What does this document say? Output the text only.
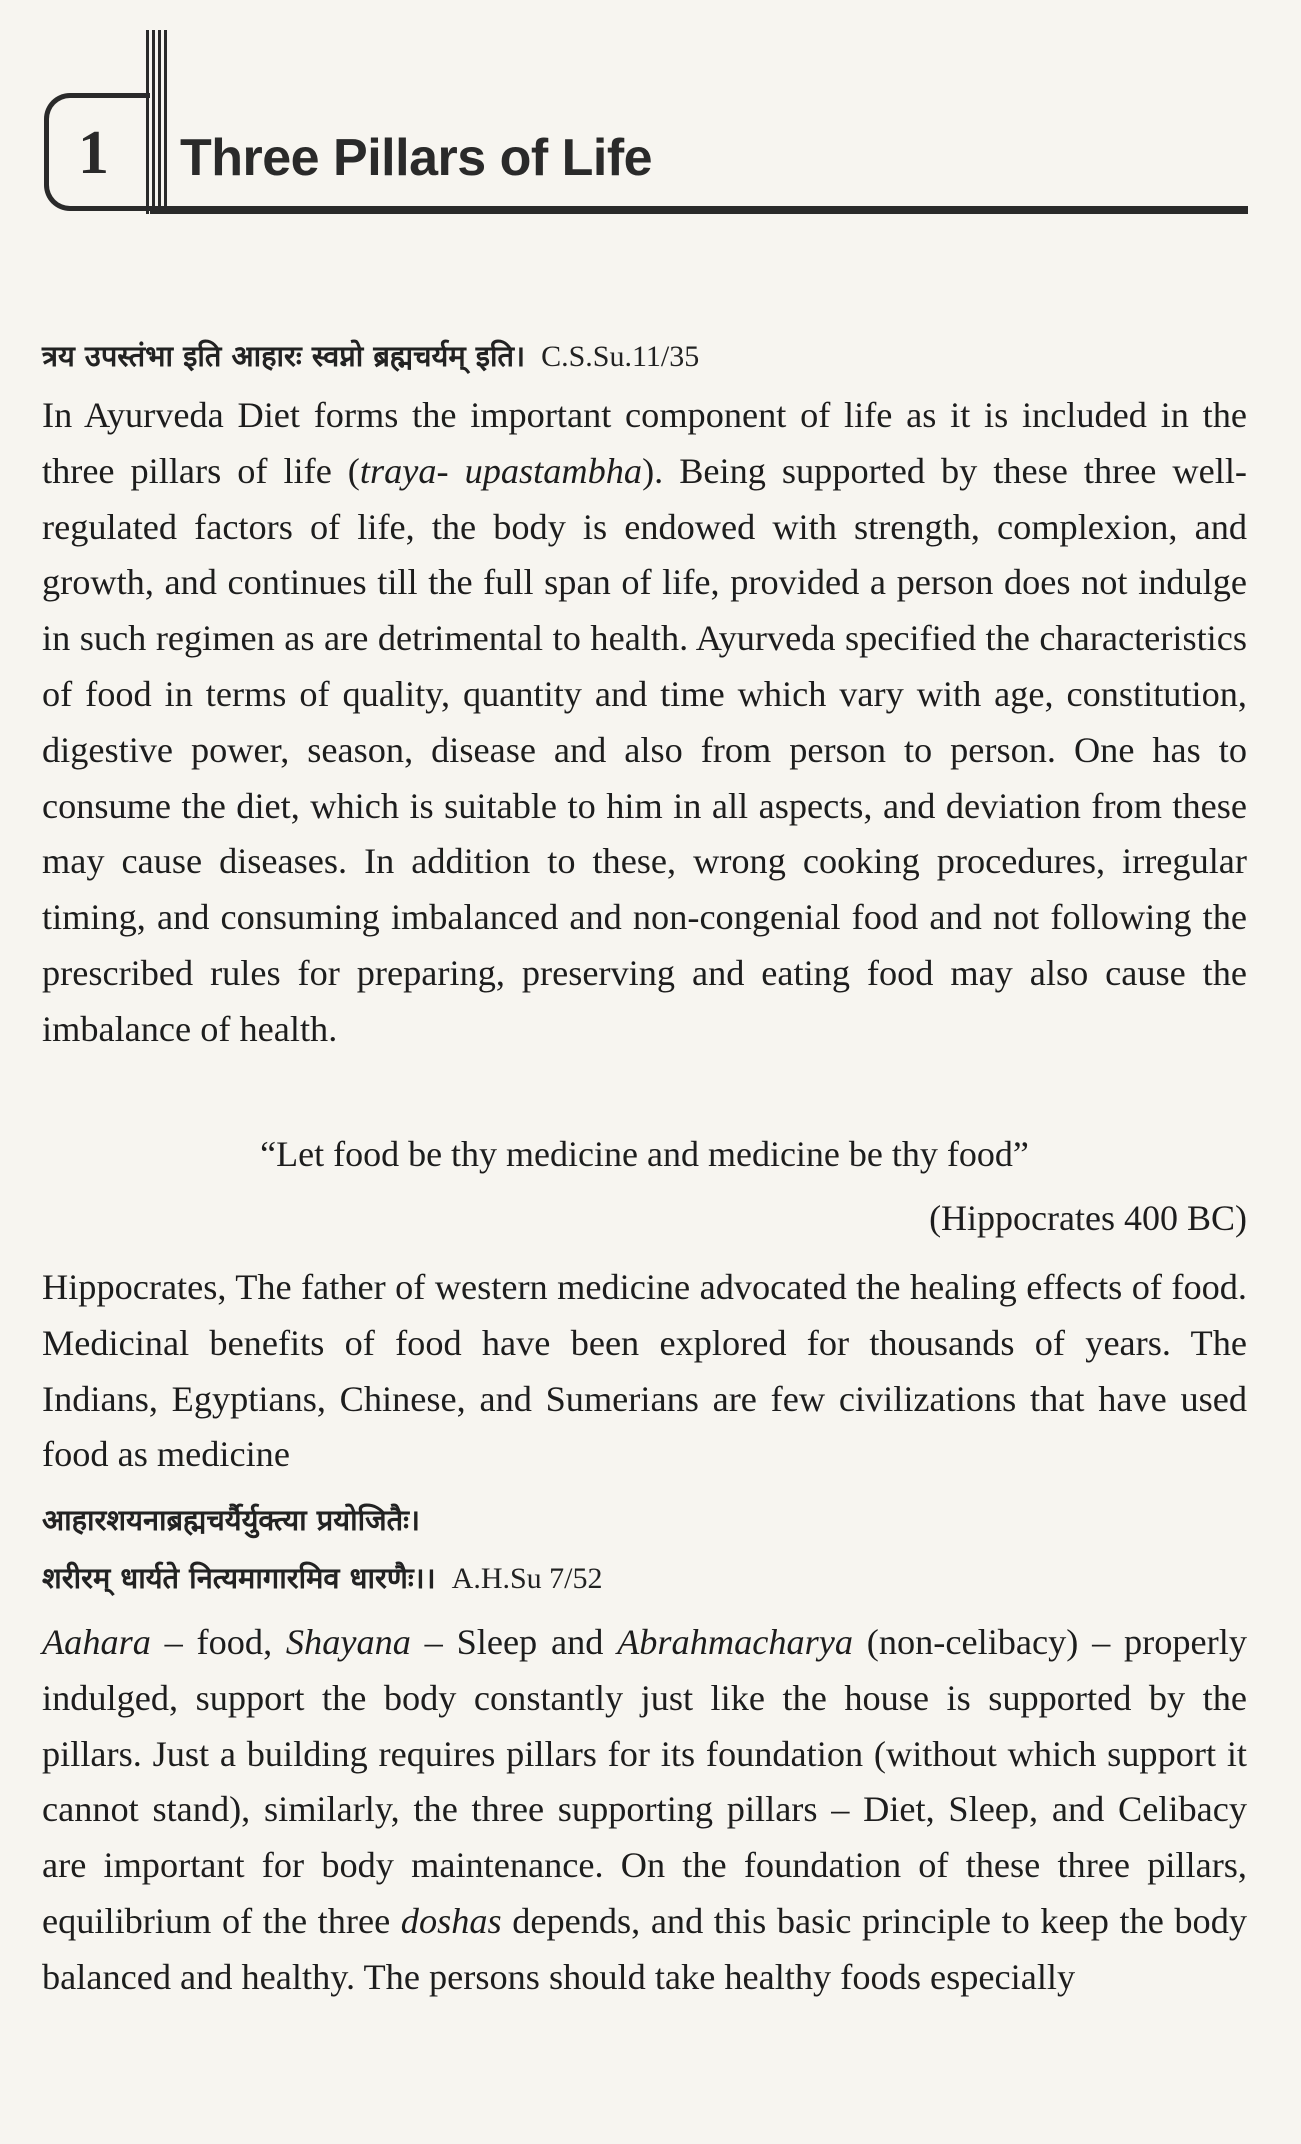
1 Three Pillars of Life
त्रय उपस्तंभा इति आहारः स्वप्नो ब्रह्मचर्यम् इति। C.S.Su.11/35

In Ayurveda Diet forms the important component of life as it is included in the three pillars of life (traya- upastambha). Being supported by these three well-regulated factors of life, the body is endowed with strength, complexion, and growth, and continues till the full span of life, provided a person does not indulge in such regimen as are detrimental to health. Ayurveda specified the characteristics of food in terms of quality, quantity and time which vary with age, constitution, digestive power, season, disease and also from person to person. One has to consume the diet, which is suitable to him in all aspects, and deviation from these may cause diseases. In addition to these, wrong cooking procedures, irregular timing, and consuming imbalanced and non-congenial food and not following the prescribed rules for preparing, preserving and eating food may also cause the imbalance of health.

“Let food be thy medicine and medicine be thy food”
(Hippocrates 400 BC)

Hippocrates, The father of western medicine advocated the healing effects of food. Medicinal benefits of food have been explored for thousands of years. The Indians, Egyptians, Chinese, and Sumerians are few civilizations that have used food as medicine

आहारशयनाब्रह्मचर्यैर्युक्त्या प्रयोजितैः।
शरीरम् धार्यते नित्यमागारमिव धारणैः।। A.H.Su 7/52

Aahara – food, Shayana – Sleep and Abrahmacharya (non-celibacy) – properly indulged, support the body constantly just like the house is supported by the pillars. Just a building requires pillars for its foundation (without which support it cannot stand), similarly, the three supporting pillars – Diet, Sleep, and Celibacy are important for body maintenance. On the foundation of these three pillars, equilibrium of the three doshas depends, and this basic principle to keep the body balanced and healthy. The persons should take healthy foods especially
